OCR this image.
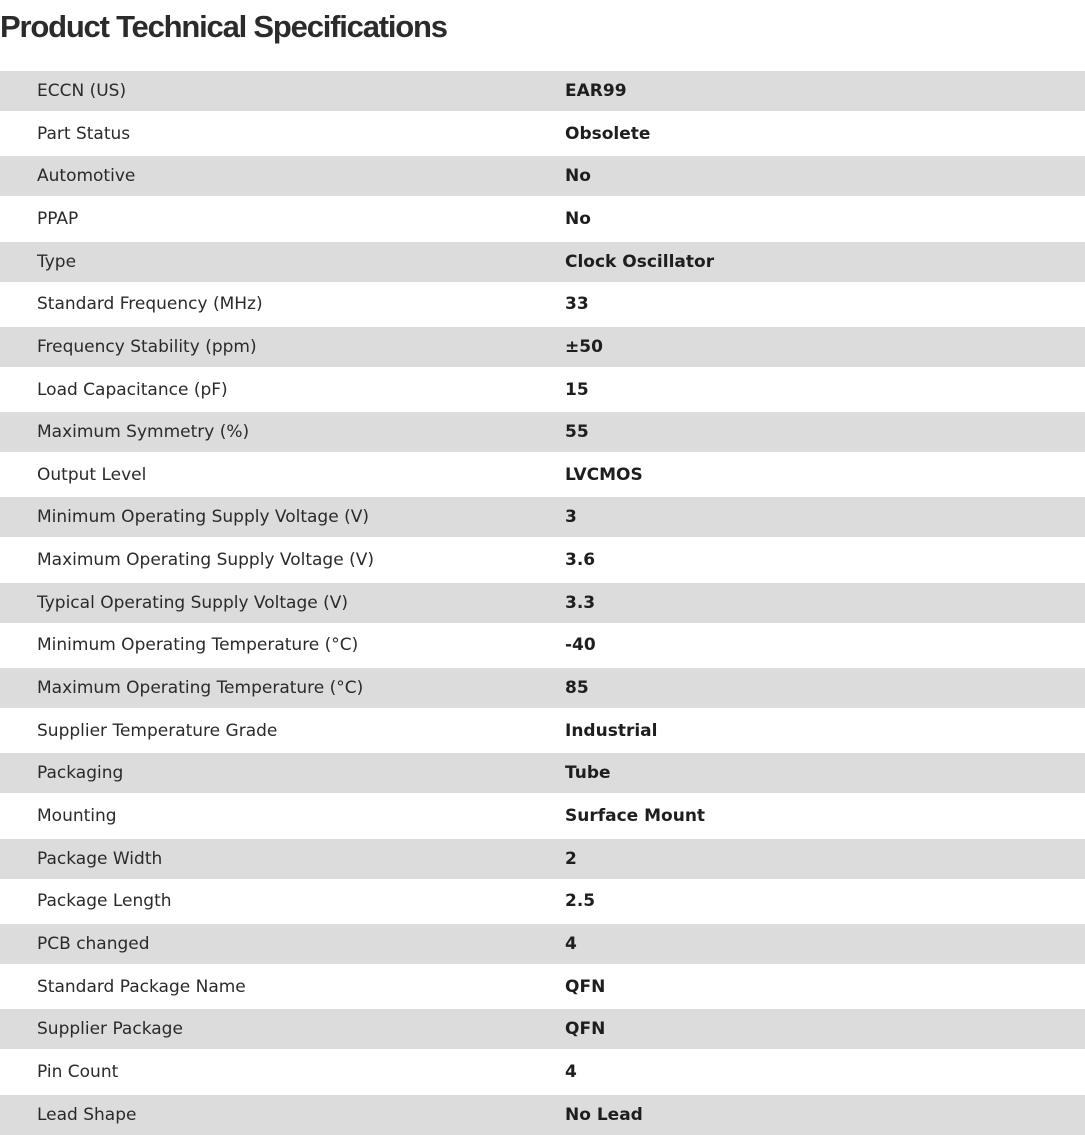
Product Technical Specifications
ECCN (US)	EAR99
Part Status	Obsolete
Automotive	No
PPAP	No
Type	Clock Oscillator
Standard Frequency (MHz)	33
Frequency Stability (ppm)	±50
Load Capacitance (pF)	15
Maximum Symmetry (%)	55
Output Level	LVCMOS
Minimum Operating Supply Voltage (V)	3
Maximum Operating Supply Voltage (V)	3.6
Typical Operating Supply Voltage (V)	3.3
Minimum Operating Temperature (°C)	-40
Maximum Operating Temperature (°C)	85
Supplier Temperature Grade	Industrial
Packaging	Tube
Mounting	Surface Mount
Package Width	2
Package Length	2.5
PCB changed	4
Standard Package Name	QFN
Supplier Package	QFN
Pin Count	4
Lead Shape	No Lead
